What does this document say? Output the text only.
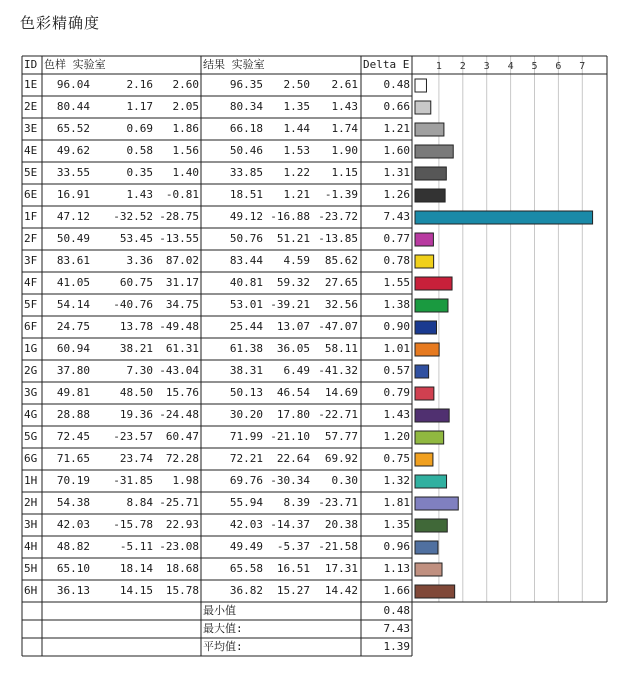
色彩精确度
1 2 3 4 5 6 7
ID 色样 实验室	结果 实验室	Delta E
1E	96.04	2.16	2.60	96.35	2.50	2.61	0.48
2E	80.44	1.17	2.05	80.34	1.35	1.43	0.66
3E	65.52	0.69	1.86	66.18	1.44	1.74	1.21
4E	49.62	0.58	1.56	50.46	1.53	1.90	1.60
5E	33.55	0.35	1.40	33.85	1.22	1.15	1.31
6E	16.91	1.43	-0.81	18.51	1.21	-1.39	1.26
1F	47.12	-32.52 -28.75	49.12 -16.88 -23.72	7.43
2F	50.49	53.45 -13.55	50.76	51.21 -13.85	0.77
3F	83.61	3.36	87.02	83.44	4.59	85.62	0.78
4F	41.05	60.75	31.17	40.81	59.32	27.65	1.55
5F	54.14	-40.76	34.75	53.01 -39.21	32.56	1.38
6F	24.75	13.78 -49.48	25.44	13.07 -47.07	0.90
1G	60.94	38.21	61.31	61.38	36.05	58.11	1.01
2G	37.80	7.30 -43.04	38.31	6.49 -41.32	0.57
3G	49.81	48.50	15.76	50.13	46.54	14.69	0.79
4G	28.88	19.36 -24.48	30.20	17.80 -22.71	1.43
5G	72.45	-23.57	60.47	71.99 -21.10	57.77	1.20
6G	71.65	23.74	72.28	72.21	22.64	69.92	0.75
1H	70.19	-31.85	1.98	69.76 -30.34	0.30	1.32
2H	54.38	8.84 -25.71	55.94	8.39 -23.71	1.81
3H	42.03	-15.78	22.93	42.03 -14.37	20.38	1.35
4H	48.82	-5.11 -23.08	49.49	-5.37 -21.58	0.96
5H	65.10	18.14	18.68	65.58	16.51	17.31	1.13
6H	36.13	14.15	15.78	36.82	15.27	14.42	1.66
最小值	0.48
最大值:	7.43
平均值:	1.39
